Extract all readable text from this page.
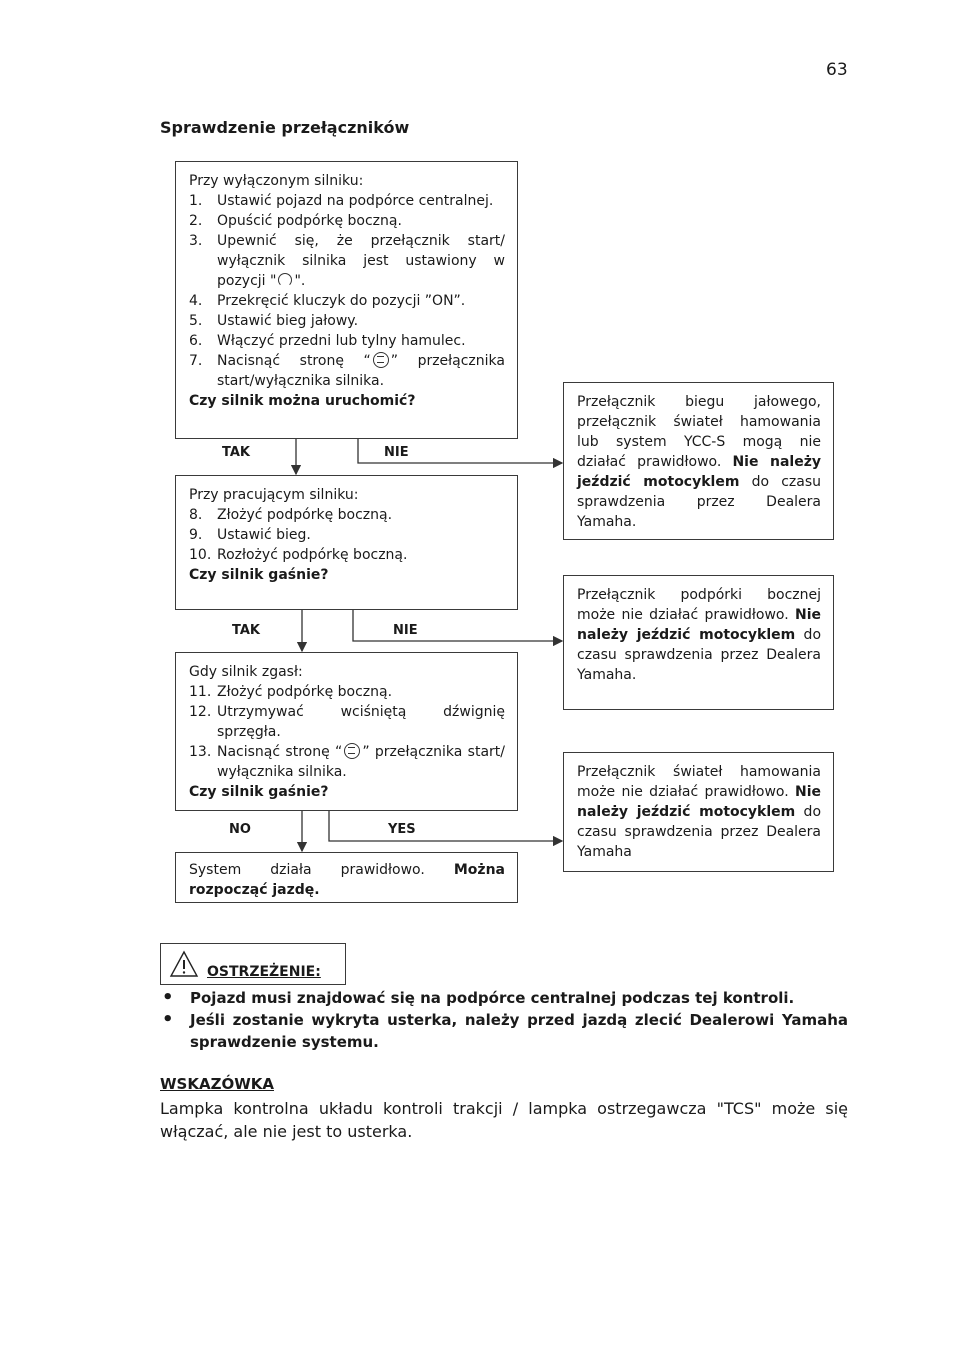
63
Sprawdzenie przełączników
Przy wyłączonym silniku:
1.	Ustawić pojazd na podpórce centralnej.
2.	Opuścić podpórkę boczną.
3.	Upewnić się, że przełącznik start/ wyłącznik silnika jest ustawiony w pozycji " ".
4.	Przekręcić kluczyk do pozycji ”ON”.
5.	Ustawić bieg jałowy.
6.	Włączyć przedni lub tylny hamulec.
7.	Nacisnąć stronę “ ” przełącznika start/wyłącznika silnika.
Czy silnik można uruchomić?
TAK	NIE
Przy pracującym silniku:
8.	Złożyć podpórkę boczną.
9.	Ustawić bieg.
10. Rozłożyć podpórkę boczną.
Czy silnik gaśnie?
TAK	NIE
Gdy silnik zgasł:
11. Złożyć podpórkę boczną.
12. Utrzymywać wciśniętą dźwignię sprzęgła.
13. Nacisnąć stronę “ ” przełącznika start/ wyłącznika silnika.
Czy silnik gaśnie?
NO	YES
System działa prawidłowo. Można rozpocząć jazdę.
Przełącznik biegu jałowego, przełącznik świateł hamowania lub system YCC-S mogą nie działać prawidłowo. Nie należy jeździć motocyklem do czasu sprawdzenia przez Dealera Yamaha.
Przełącznik podpórki bocznej może nie działać prawidłowo. Nie należy jeździć motocyklem do czasu sprawdzenia przez Dealera Yamaha.
Przełącznik świateł hamowania może nie działać prawidłowo. Nie należy jeździć motocyklem do czasu sprawdzenia przez Dealera Yamaha
OSTRZEŻENIE:
•	Pojazd musi znajdować się na podpórce centralnej podczas tej kontroli.
•	Jeśli zostanie wykryta usterka, należy przed jazdą zlecić Dealerowi Yamaha sprawdzenie systemu.
WSKAZÓWKA
Lampka kontrolna układu kontroli trakcji / lampka ostrzegawcza "TCS" może się włączać, ale nie jest to usterka.
